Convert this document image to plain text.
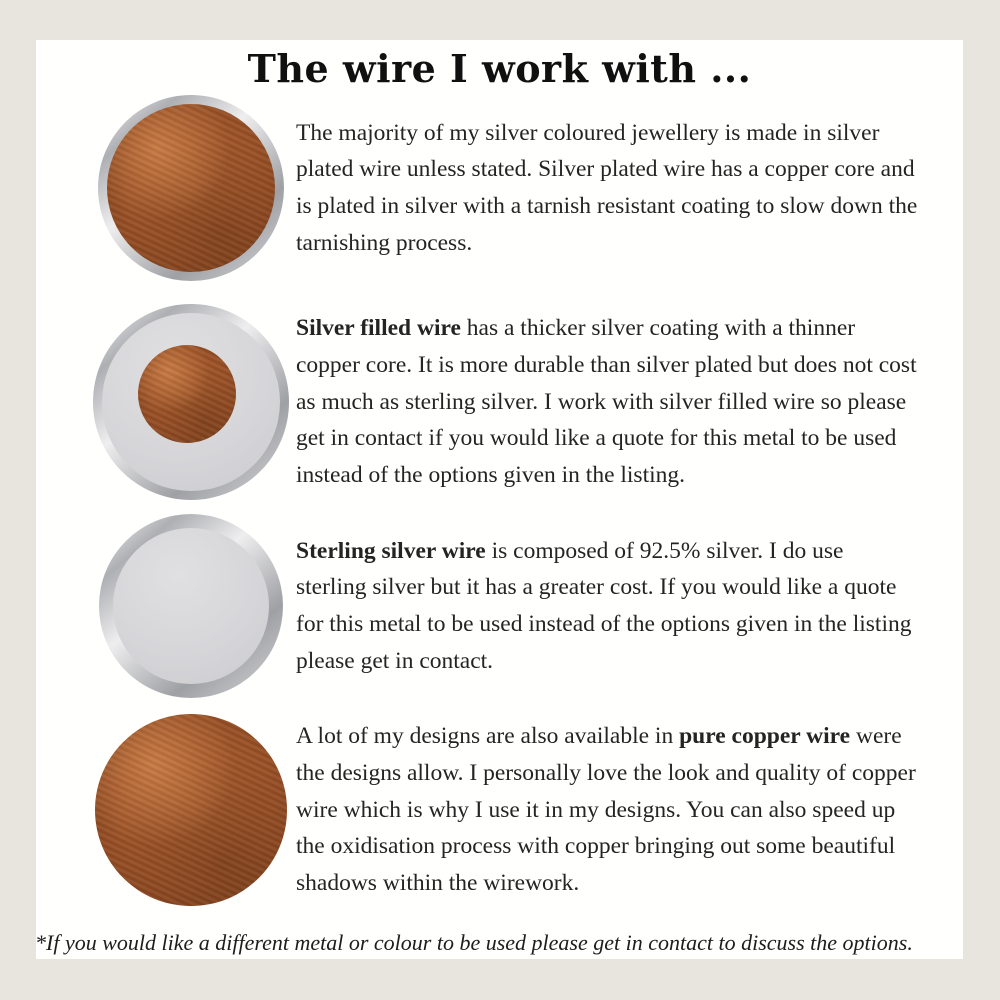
The wire I work with ...

The majority of my silver coloured jewellery is made in silver plated wire unless stated. Silver plated wire has a copper core and is plated in silver with a tarnish resistant coating to slow down the tarnishing process.

Silver filled wire has a thicker silver coating with a thinner copper core. It is more durable than silver plated but does not cost as much as sterling silver. I work with silver filled wire so please get in contact if you would like a quote for this metal to be used instead of the options given in the listing.

Sterling silver wire is composed of 92.5% silver. I do use sterling silver but it has a greater cost. If you would like a quote for this metal to be used instead of the options given in the listing please get in contact.

A lot of my designs are also available in pure copper wire were the designs allow. I personally love the look and quality of copper wire which is why I use it in my designs. You can also speed up the oxidisation process with copper bringing out some beautiful shadows within the wirework.

*If you would like a different metal or colour to be used please get in contact to discuss the options.
